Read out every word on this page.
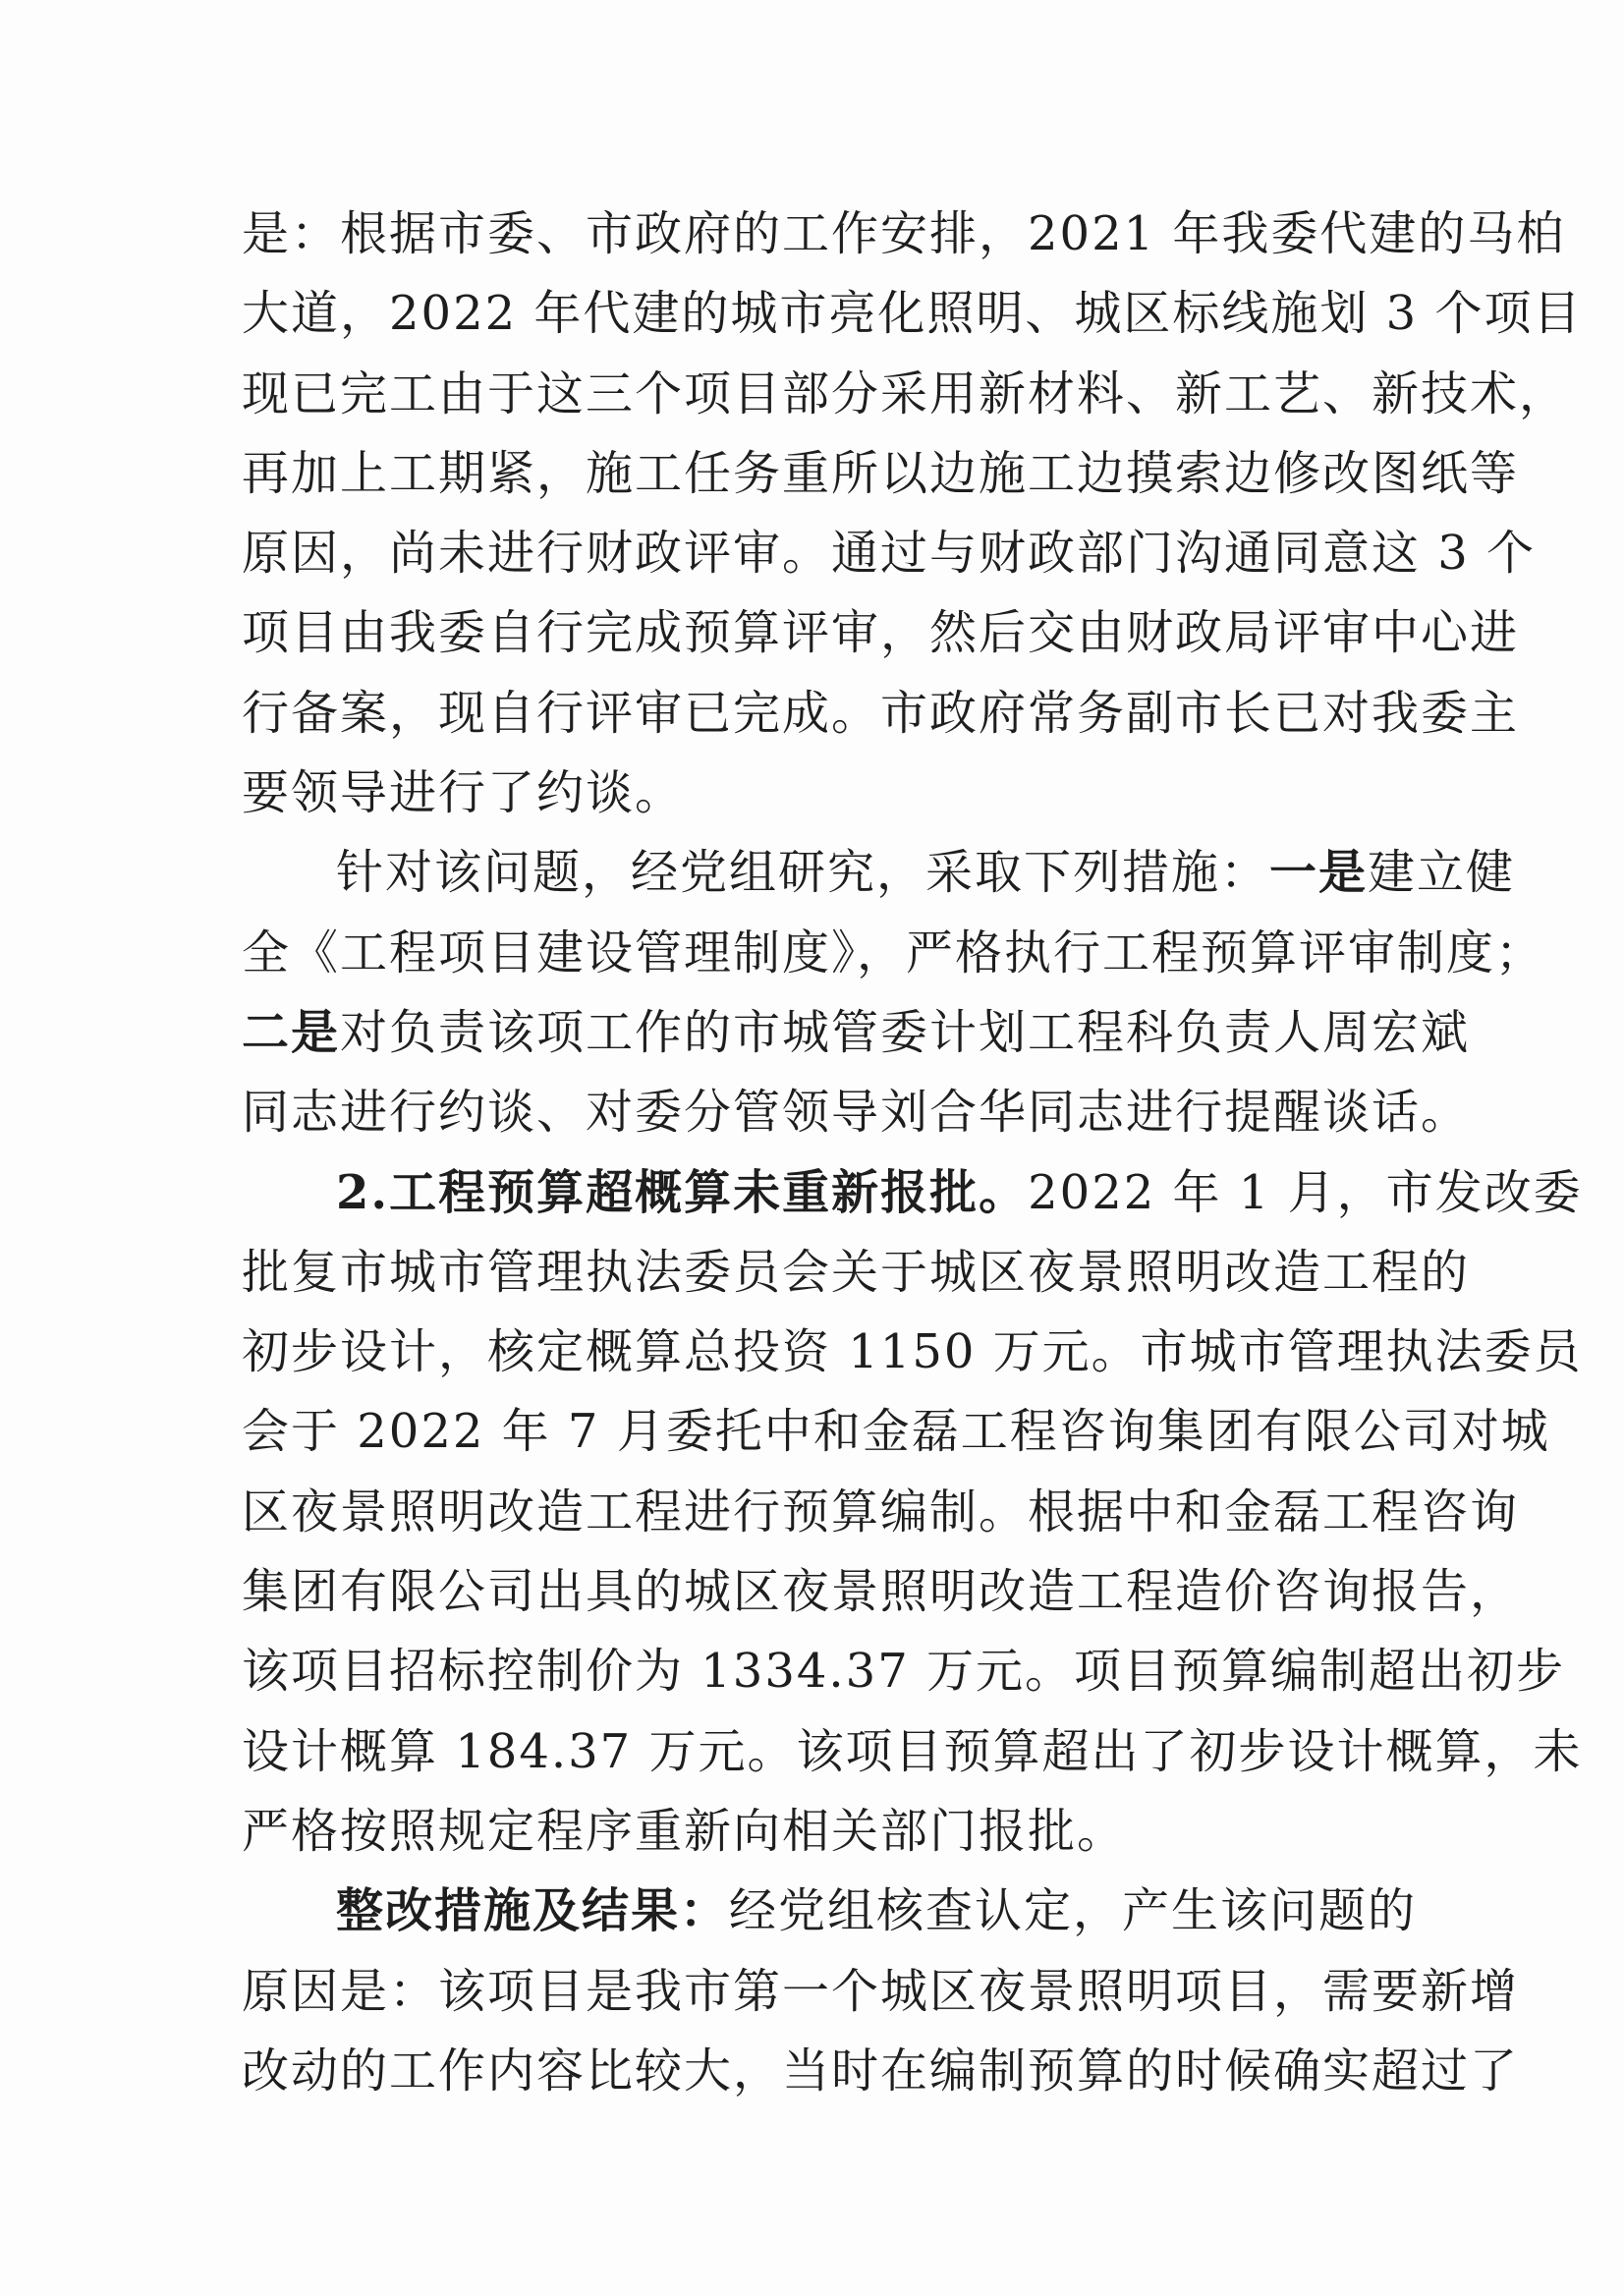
是：根据市委、市政府的工作安排，2021 年我委代建的马柏
大道，2022 年代建的城市亮化照明、城区标线施划 3 个项目
现已完工由于这三个项目部分采用新材料、新工艺、新技术，
再加上工期紧，施工任务重所以边施工边摸索边修改图纸等
原因，尚未进行财政评审。通过与财政部门沟通同意这 3 个
项目由我委自行完成预算评审，然后交由财政局评审中心进
行备案，现自行评审已完成。市政府常务副市长已对我委主
要领导进行了约谈。
针对该问题，经党组研究，采取下列措施：一是建立健
全《工程项目建设管理制度》，严格执行工程预算评审制度；
二是对负责该项工作的市城管委计划工程科负责人周宏斌
同志进行约谈、对委分管领导刘合华同志进行提醒谈话。
2.工程预算超概算未重新报批。2022 年 1 月，市发改委
批复市城市管理执法委员会关于城区夜景照明改造工程的
初步设计，核定概算总投资 1150 万元。市城市管理执法委员
会于 2022 年 7 月委托中和金磊工程咨询集团有限公司对城
区夜景照明改造工程进行预算编制。根据中和金磊工程咨询
集团有限公司出具的城区夜景照明改造工程造价咨询报告，
该项目招标控制价为 1334.37 万元。项目预算编制超出初步
设计概算 184.37 万元。该项目预算超出了初步设计概算，未
严格按照规定程序重新向相关部门报批。
整改措施及结果：经党组核查认定，产生该问题的
原因是：该项目是我市第一个城区夜景照明项目，需要新增
改动的工作内容比较大，当时在编制预算的时候确实超过了
